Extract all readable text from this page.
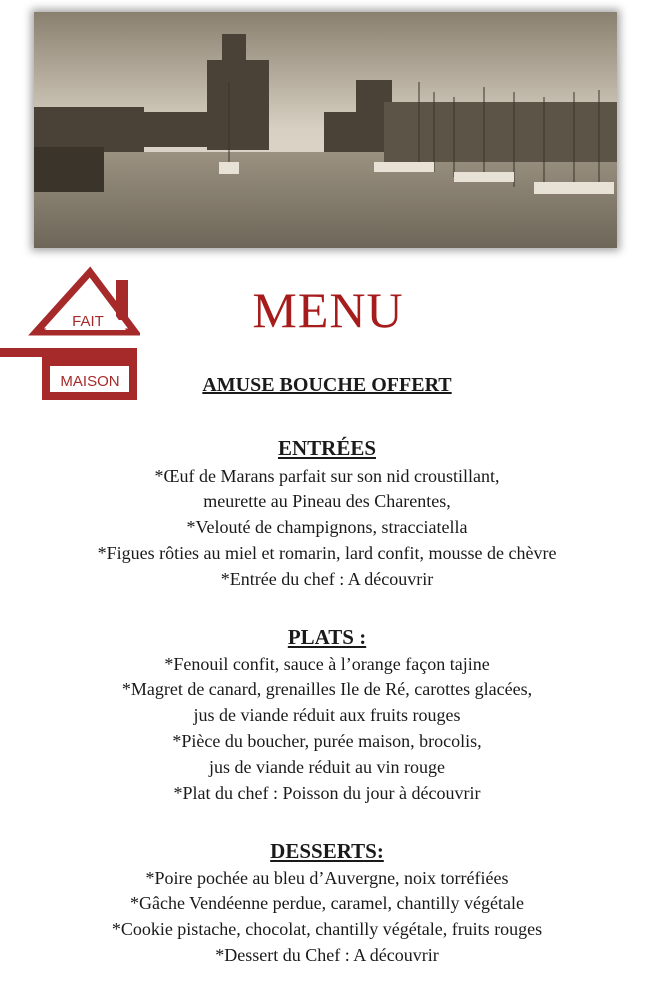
FAIT
MAISON
MENU
AMUSE BOUCHE OFFERT
ENTRÉES
*Œuf de Marans parfait sur son nid croustillant,
meurette au Pineau des Charentes,
*Velouté de champignons, stracciatella
*Figues rôties au miel et romarin, lard confit, mousse de chèvre
*Entrée du chef : A découvrir
PLATS :
*Fenouil confit, sauce à l’orange façon tajine
*Magret de canard, grenailles Ile de Ré, carottes glacées,
jus de viande réduit aux fruits rouges
*Pièce du boucher, purée maison, brocolis,
jus de viande réduit au vin rouge
*Plat du chef : Poisson du jour à découvrir
DESSERTS:
*Poire pochée au bleu d’Auvergne, noix torréfiées
*Gâche Vendéenne perdue, caramel, chantilly végétale
*Cookie pistache, chocolat, chantilly végétale, fruits rouges
*Dessert du Chef : A découvrir
